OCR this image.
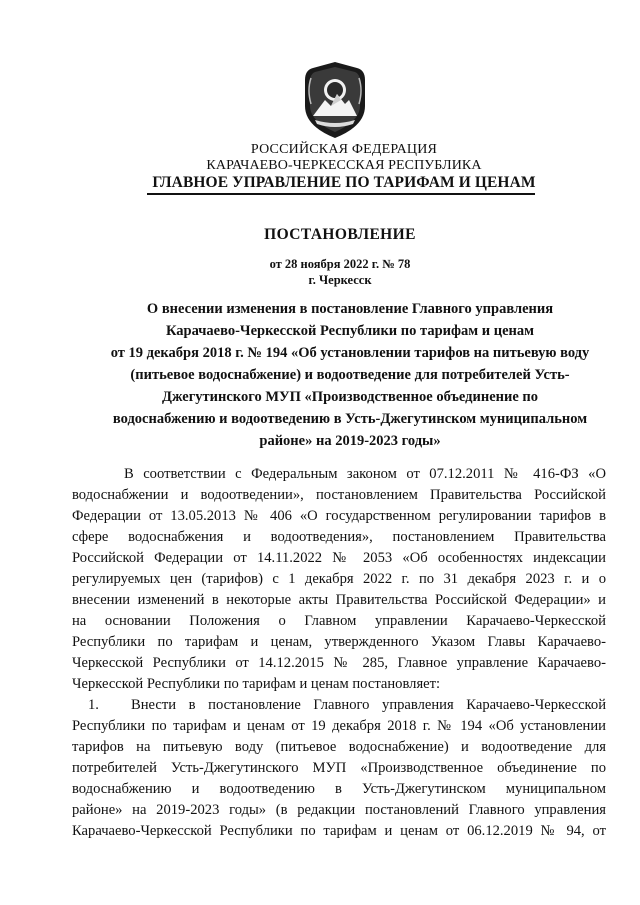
РОССИЙСКАЯ ФЕДЕРАЦИЯ
КАРАЧАЕВО-ЧЕРКЕССКАЯ РЕСПУБЛИКА
ГЛАВНОЕ УПРАВЛЕНИЕ ПО ТАРИФАМ И ЦЕНАМ
ПОСТАНОВЛЕНИЕ
от 28 ноября 2022 г. № 78
г. Черкесск
О внесении изменения в постановление Главного управления
Карачаево-Черкесской Республики по тарифам и ценам
от 19 декабря 2018 г. № 194 «Об установлении тарифов на питьевую воду
(питьевое водоснабжение) и водоотведение для потребителей Усть-
Джегутинского МУП «Производственное объединение по
водоснабжению и водоотведению в Усть-Джегутинском муниципальном
районе» на 2019-2023 годы»
В соответствии с Федеральным законом от 07.12.2011 № 416-ФЗ «О
водоснабжении и водоотведении», постановлением Правительства Российской
Федерации от 13.05.2013 № 406 «О государственном регулировании тарифов в
сфере водоснабжения и водоотведения», постановлением Правительства
Российской Федерации от 14.11.2022 № 2053 «Об особенностях индексации
регулируемых цен (тарифов) с 1 декабря 2022 г. по 31 декабря 2023 г. и о
внесении изменений в некоторые акты Правительства Российской Федерации» и
на основании Положения о Главном управлении Карачаево-Черкесской
Республики по тарифам и ценам, утвержденного Указом Главы Карачаево-
Черкесской Республики от 14.12.2015 № 285, Главное управление Карачаево-
Черкесской Республики по тарифам и ценам постановляет:
1. Внести в постановление Главного управления Карачаево-Черкесской
Республики по тарифам и ценам от 19 декабря 2018 г. № 194 «Об установлении
тарифов на питьевую воду (питьевое водоснабжение) и водоотведение для
потребителей Усть-Джегутинского МУП «Производственное объединение по
водоснабжению и водоотведению в Усть-Джегутинском муниципальном
районе» на 2019-2023 годы» (в редакции постановлений Главного управления
Карачаево-Черкесской Республики по тарифам и ценам от 06.12.2019 № 94, от
